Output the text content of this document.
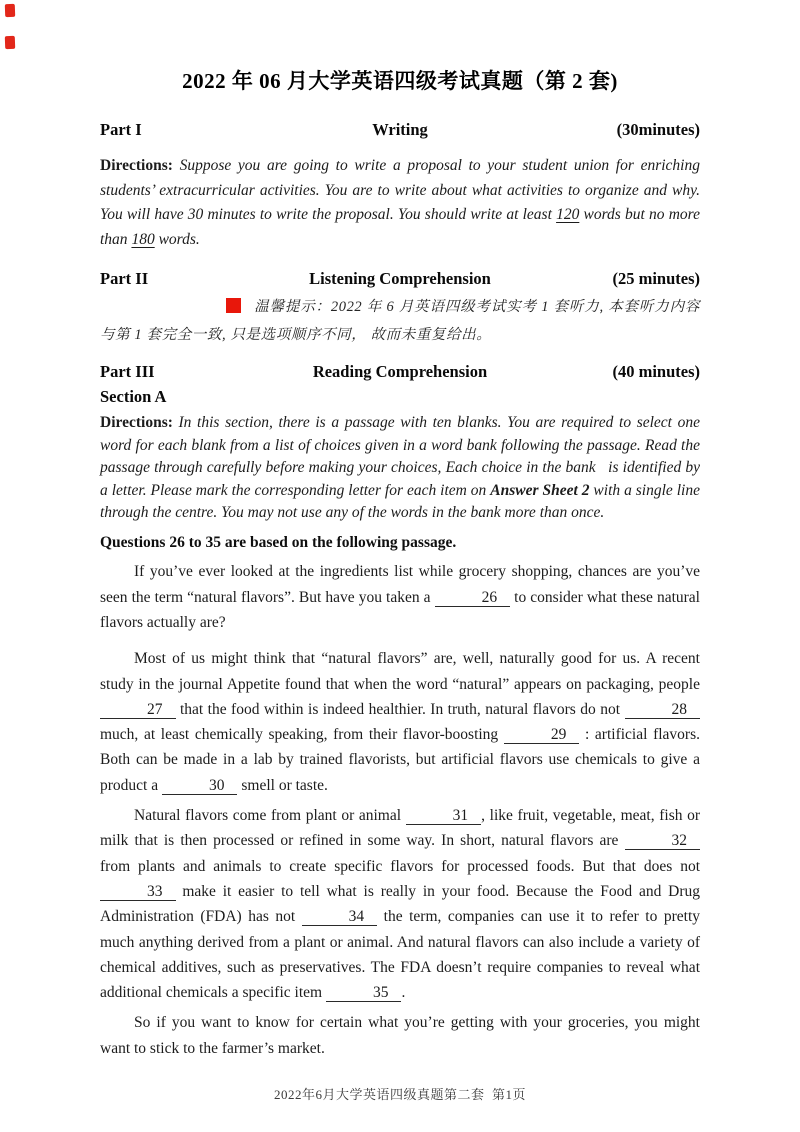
2022 年 06 月大学英语四级考试真题（第 2 套)
Part I	Writing	(30minutes)

Directions: Suppose you are going to write a proposal to your student union for enriching students’ extracurricular activities. You are to write about what activities to organize and why. You will have 30 minutes to write the proposal. You should write at least 120 words but no more than 180 words.

Part II	Listening Comprehension	(25 minutes)

温馨提示：2022 年 6 月英语四级考试实考 1 套听力, 本套听力内容与第 1 套完全一致, 只是选项顺序不同， 故而未重复给出。

Part III	Reading Comprehension	(40 minutes)
Section A

Directions: In this section, there is a passage with ten blanks. You are required to select one word for each blank from a list of choices given in a word bank following the passage. Read the passage through carefully before making your choices, Each choice in the bank   is identified by a letter. Please mark the corresponding letter for each item on Answer Sheet 2 with a single line through the centre. You may not use any of the words in the bank more than once.

Questions 26 to 35 are based on the following passage.

If you’ve ever looked at the ingredients list while grocery shopping, chances are you’ve seen the term “natural flavors”. But have you taken a	26 to consider what these natural flavors actually are?

Most of us might think that “natural flavors” are, well, naturally good for us. A recent study in the journal Appetite found that when the word “natural” appears on packaging, people 27 that the food within is indeed healthier. In truth, natural flavors do not	28 much, at least chemically speaking, from their flavor-boosting	29 : artificial flavors. Both can be made in a lab by trained flavorists, but artificial flavors use chemicals to give a product a	30 smell or taste.

Natural flavors come from plant or animal	31 , like fruit, vegetable, meat, fish or milk that is then processed or refined in some way. In short, natural flavors are	32 from plants and animals to create specific flavors for processed foods. But that does not 33 make it easier to tell what is really in your food. Because the Food and Drug Administration (FDA) has not	34 the term, companies can use it to refer to pretty much anything derived from a plant or animal. And natural flavors can also include a variety of chemical additives, such as preservatives. The FDA doesn’t require companies to reveal what additional chemicals a specific item	35 .

So if you want to know for certain what you’re getting with your groceries, you might want to stick to the farmer’s market.

2022年6月大学英语四级真题第二套  第1页
